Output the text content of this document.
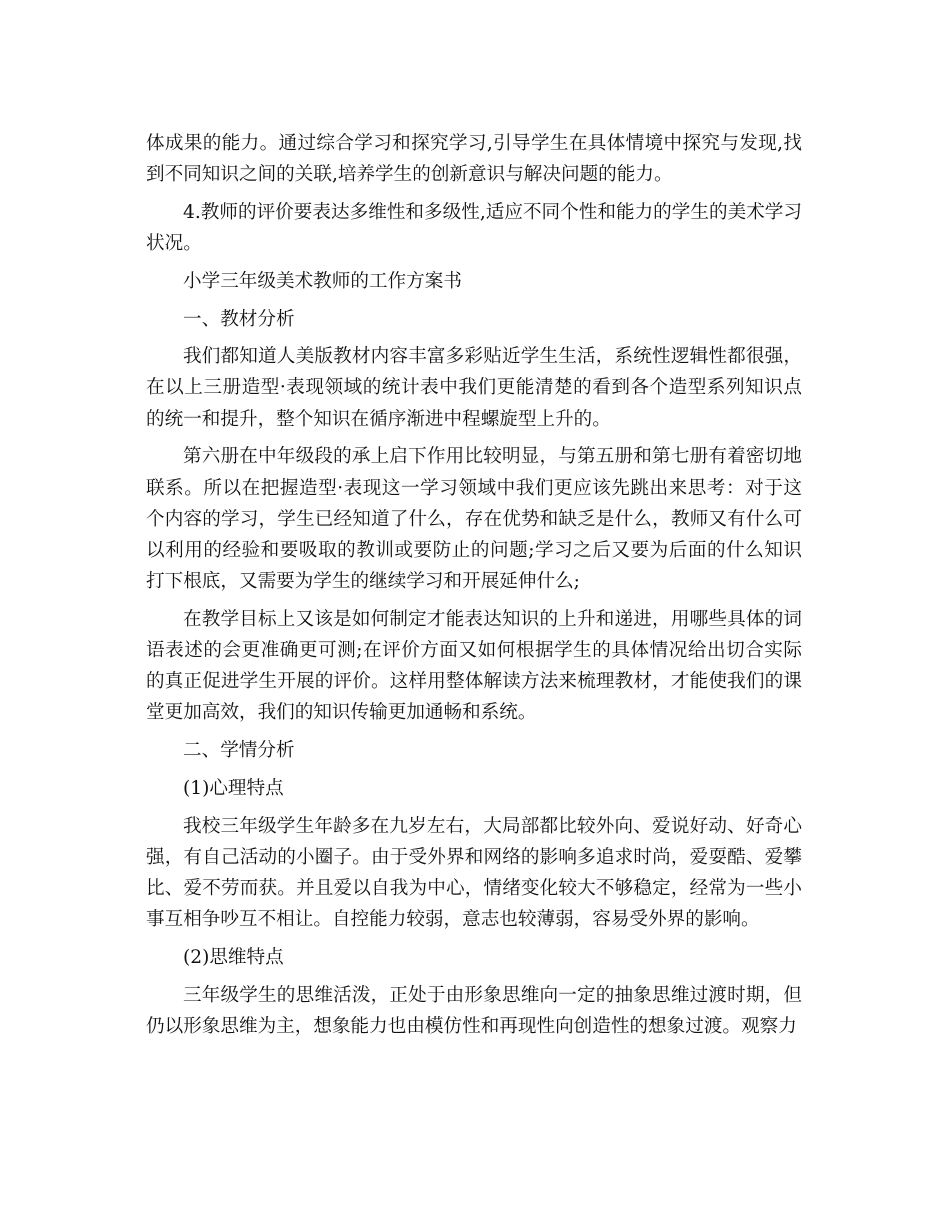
体成果的能力。通过综合学习和探究学习,引导学生在具体情境中探究与发现,找到不同知识之间的关联,培养学生的创新意识与解决问题的能力。

4.教师的评价要表达多维性和多级性,适应不同个性和能力的学生的美术学习状况。

小学三年级美术教师的工作方案书

一、教材分析

我们都知道人美版教材内容丰富多彩贴近学生生活，系统性逻辑性都很强，在以上三册造型·表现领域的统计表中我们更能清楚的看到各个造型系列知识点的统一和提升，整个知识在循序渐进中程螺旋型上升的。

第六册在中年级段的承上启下作用比较明显，与第五册和第七册有着密切地联系。所以在把握造型·表现这一学习领域中我们更应该先跳出来思考：对于这个内容的学习，学生已经知道了什么，存在优势和缺乏是什么，教师又有什么可以利用的经验和要吸取的教训或要防止的问题;学习之后又要为后面的什么知识打下根底，又需要为学生的继续学习和开展延伸什么;

在教学目标上又该是如何制定才能表达知识的上升和递进，用哪些具体的词语表述的会更准确更可测;在评价方面又如何根据学生的具体情况给出切合实际的真正促进学生开展的评价。这样用整体解读方法来梳理教材，才能使我们的课堂更加高效，我们的知识传输更加通畅和系统。

二、学情分析

(1)心理特点

我校三年级学生年龄多在九岁左右，大局部都比较外向、爱说好动、好奇心强，有自己活动的小圈子。由于受外界和网络的影响多追求时尚，爱耍酷、爱攀比、爱不劳而获。并且爱以自我为中心，情绪变化较大不够稳定，经常为一些小事互相争吵互不相让。自控能力较弱，意志也较薄弱，容易受外界的影响。

(2)思维特点

三年级学生的思维活泼，正处于由形象思维向一定的抽象思维过渡时期，但仍以形象思维为主，想象能力也由模仿性和再现性向创造性的想象过渡。观察力
